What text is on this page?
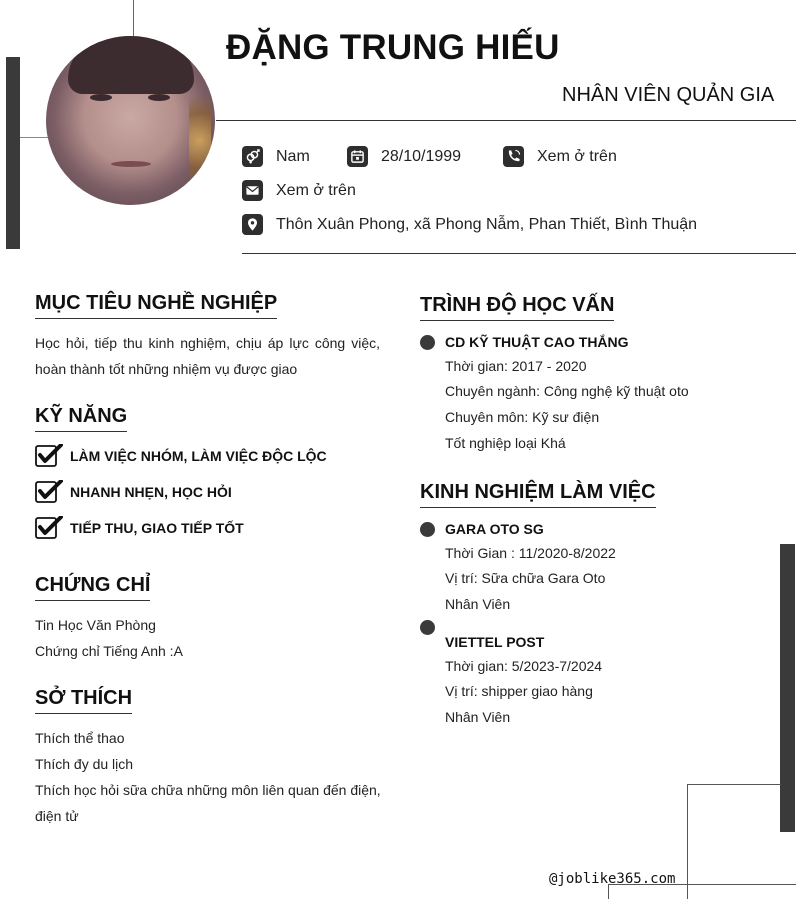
ĐẶNG TRUNG HIẾU
NHÂN VIÊN QUẢN GIA
Nam	28/10/1999	Xem ở trên
Xem ở trên
Thôn Xuân Phong, xã Phong Nẫm, Phan Thiết, Bình Thuận
MỤC TIÊU NGHỀ NGHIỆP
Học hỏi, tiếp thu kinh nghiệm, chịu áp lực công việc, hoàn thành tốt những nhiệm vụ được giao
KỸ NĂNG
LÀM VIỆC NHÓM, LÀM VIỆC ĐỘC LỘC
NHANH NHẸN, HỌC HỎI
TIẾP THU, GIAO TIẾP TỐT
CHỨNG CHỈ
Tin Học Văn Phòng
Chứng chỉ Tiếng Anh :A
SỞ THÍCH
Thích thể thao
Thích đy du lịch
Thích học hỏi sữa chữa những môn liên quan đến điện, điện tử
TRÌNH ĐỘ HỌC VẤN
CD KỸ THUẬT CAO THẮNG
Thời gian: 2017 - 2020
Chuyên ngành: Công nghệ kỹ thuật oto
Chuyên môn: Kỹ sư điện
Tốt nghiệp loại Khá
KINH NGHIỆM LÀM VIỆC
GARA OTO SG
Thời Gian : 11/2020-8/2022
Vị trí: Sữa chữa Gara Oto
Nhân Viên
VIETTEL POST
Thời gian: 5/2023-7/2024
Vị trí: shipper giao hàng
Nhân Viên
@joblike365.com
